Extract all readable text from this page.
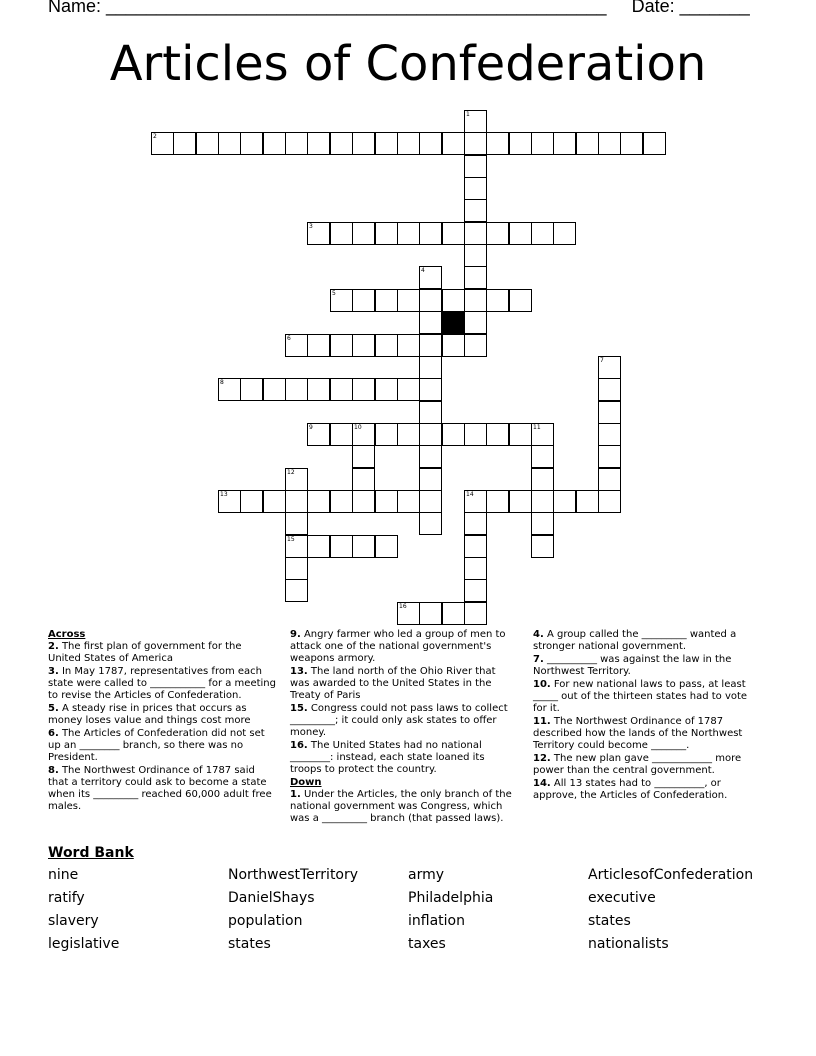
Name: __________________________________________________ Date: _______
Articles of Confederation
1
2
3
4
5
6
7
8
9	10	11
12
15
13	14
16
Across
2. The first plan of government for the United States of America
3. In May 1787, representatives from each state were called to ___________ for a meeting to revise the Articles of Confederation.
5. A steady rise in prices that occurs as money loses value and things cost more
6. The Articles of Confederation did not set up an ________ branch, so there was no President.
8. The Northwest Ordinance of 1787 said that a territory could ask to become a state when its _________ reached 60,000 adult free males.
9. Angry farmer who led a group of men to attack one of the national government's weapons armory.
13. The land north of the Ohio River that was awarded to the United States in the Treaty of Paris
15. Congress could not pass laws to collect _________; it could only ask states to offer money.
16. The United States had no national ________: instead, each state loaned its troops to protect the country.
Down
1. Under the Articles, the only branch of the national government was Congress, which was a _________ branch (that passed laws).
4. A group called the _________ wanted a stronger national government.
7. __________ was against the law in the Northwest Territory.
10. For new national laws to pass, at least _____ out of the thirteen states had to vote for it.
11. The Northwest Ordinance of 1787 described how the lands of the Northwest Territory could become _______.
12. The new plan gave ____________ more power than the central government.
14. All 13 states had to __________, or approve, the Articles of Confederation.
Word Bank
nine	NorthwestTerritory	army	ArticlesofConfederation
ratify	DanielShays	Philadelphia	executive
slavery	population	inflation	states
legislative	states	taxes	nationalists
